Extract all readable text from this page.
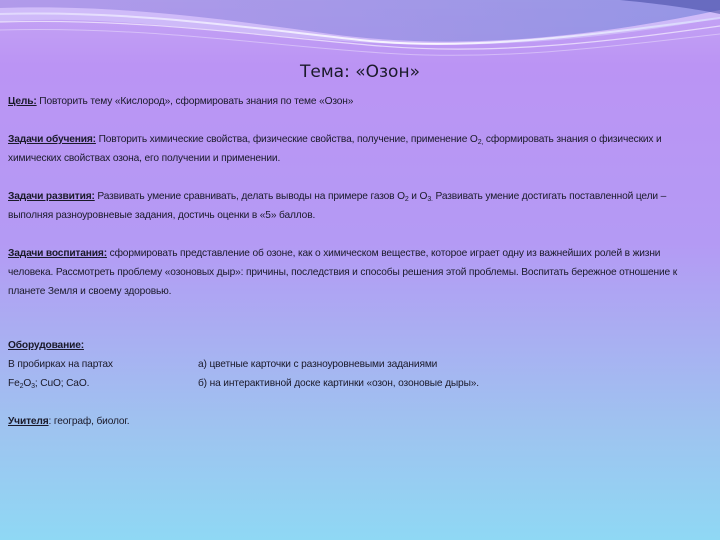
Тема: «Озон»

Цель: Повторить тему «Кислород», сформировать знания по теме «Озон»

Задачи обучения: Повторить химические свойства, физические свойства, получение, применение $О_{2,}$ сформировать знания о физических и химических свойствах озона, его получении и применении.

Задачи развития: Развивать умение сравнивать, делать выводы на примере газов $О_2$ и $О_{3.}$ Развивать умение достигать поставленной цели – выполняя разноуровневые задания, достичь оценки в «5» баллов.

Задачи воспитания: сформировать представление об озоне, как о химическом веществе, которое играет одну из важнейших ролей в жизни человека. Рассмотреть проблему «озоновых дыр»: причины, последствия и способы решения этой проблемы. Воспитать бережное отношение к планете Земля и своему здоровью.

Оборудование:

В пробирках на партах	а) цветные карточки с разноуровневыми заданиями
$Fe_2O_3$; CuO; CaO.	б) на интерактивной доске картинки «озон, озоновые дыры».

Учителя: географ, биолог.
